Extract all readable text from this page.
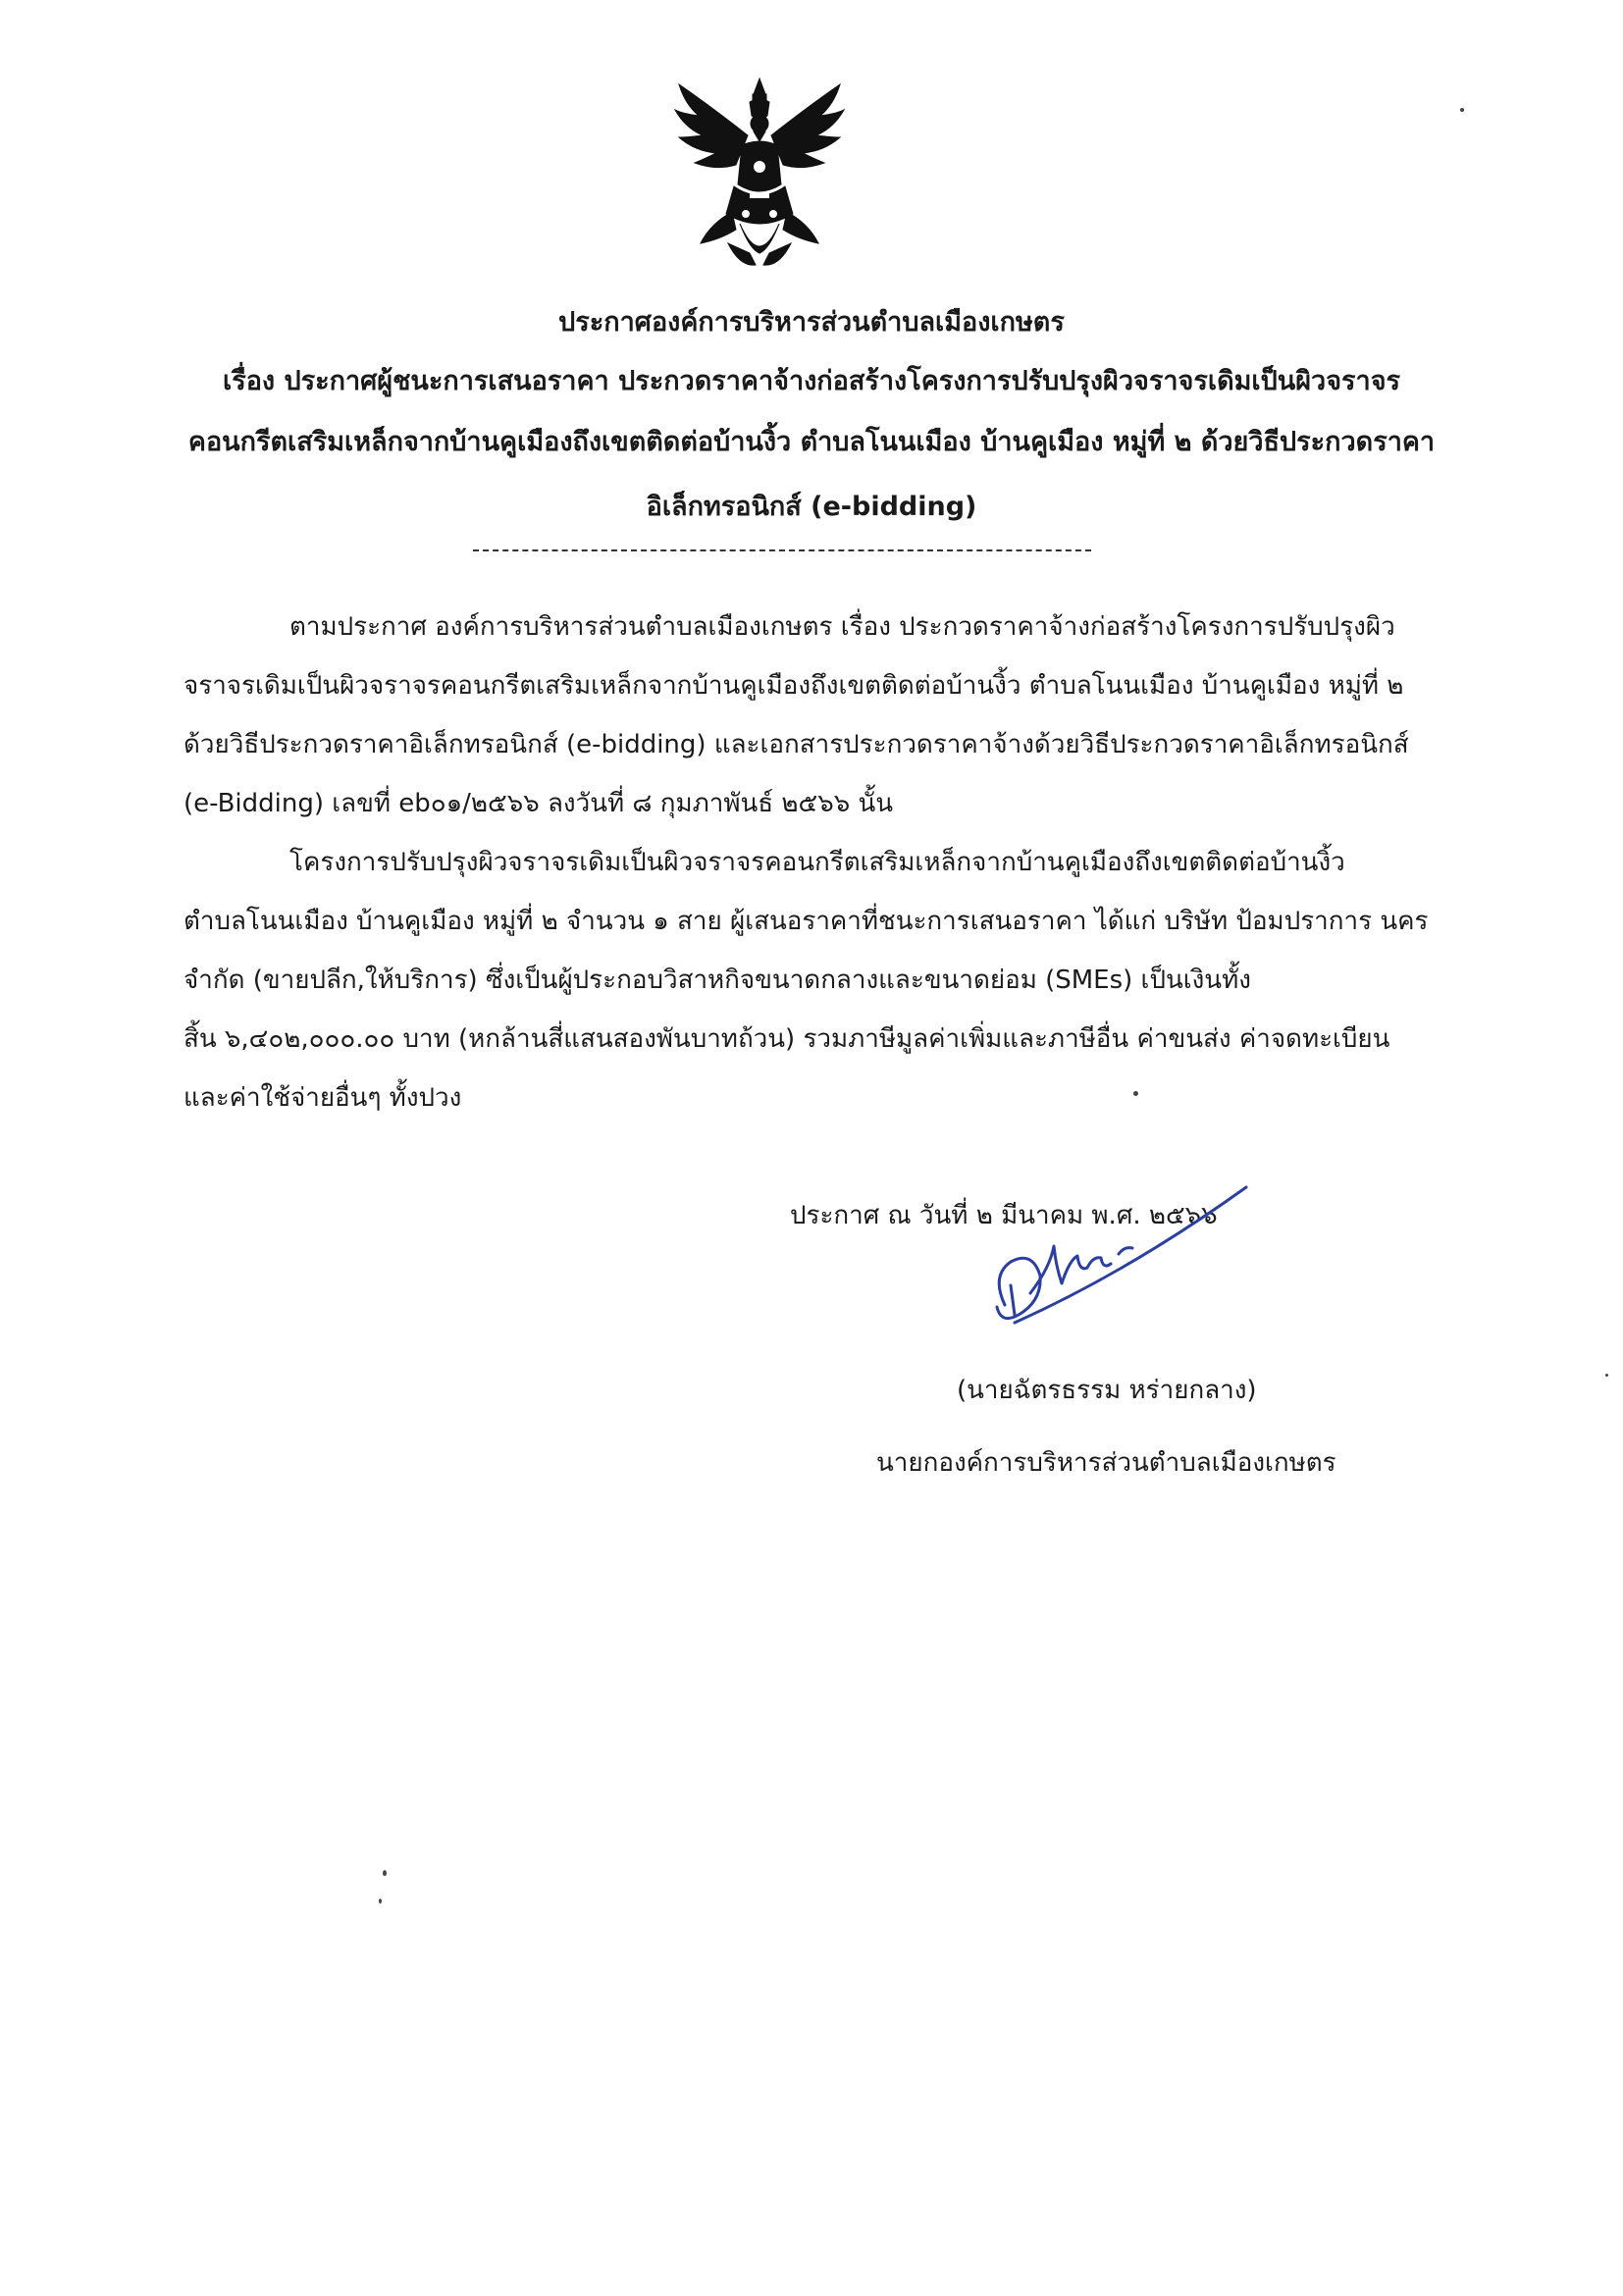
ประกาศองค์การบริหารส่วนตำบลเมืองเกษตร
เรื่อง ประกาศผู้ชนะการเสนอราคา ประกวดราคาจ้างก่อสร้างโครงการปรับปรุงผิวจราจรเดิมเป็นผิวจราจร
คอนกรีตเสริมเหล็กจากบ้านคูเมืองถึงเขตติดต่อบ้านงิ้ว ตำบลโนนเมือง บ้านคูเมือง หมู่ที่ ๒ ด้วยวิธีประกวดราคา
อิเล็กทรอนิกส์ (e-bidding)
ตามประกาศ องค์การบริหารส่วนตำบลเมืองเกษตร เรื่อง ประกวดราคาจ้างก่อสร้างโครงการปรับปรุงผิว
จราจรเดิมเป็นผิวจราจรคอนกรีตเสริมเหล็กจากบ้านคูเมืองถึงเขตติดต่อบ้านงิ้ว ตำบลโนนเมือง บ้านคูเมือง หมู่ที่ ๒
ด้วยวิธีประกวดราคาอิเล็กทรอนิกส์ (e-bidding) และเอกสารประกวดราคาจ้างด้วยวิธีประกวดราคาอิเล็กทรอนิกส์
(e-Bidding) เลขที่ eb๐๑/๒๕๖๖ ลงวันที่ ๘ กุมภาพันธ์ ๒๕๖๖ นั้น
โครงการปรับปรุงผิวจราจรเดิมเป็นผิวจราจรคอนกรีตเสริมเหล็กจากบ้านคูเมืองถึงเขตติดต่อบ้านงิ้ว
ตำบลโนนเมือง บ้านคูเมือง หมู่ที่ ๒ จำนวน ๑ สาย ผู้เสนอราคาที่ชนะการเสนอราคา ได้แก่ บริษัท ป้อมปราการ นคร
จำกัด (ขายปลีก,ให้บริการ) ซึ่งเป็นผู้ประกอบวิสาหกิจขนาดกลางและขนาดย่อม (SMEs) เป็นเงินทั้ง
สิ้น ๖,๔๐๒,๐๐๐.๐๐ บาท (หกล้านสี่แสนสองพันบาทถ้วน) รวมภาษีมูลค่าเพิ่มและภาษีอื่น ค่าขนส่ง ค่าจดทะเบียน
และค่าใช้จ่ายอื่นๆ ทั้งปวง
ประกาศ ณ วันที่ ๒ มีนาคม พ.ศ. ๒๕๖๖
(นายฉัตรธรรม หร่ายกลาง)
นายกองค์การบริหารส่วนตำบลเมืองเกษตร
